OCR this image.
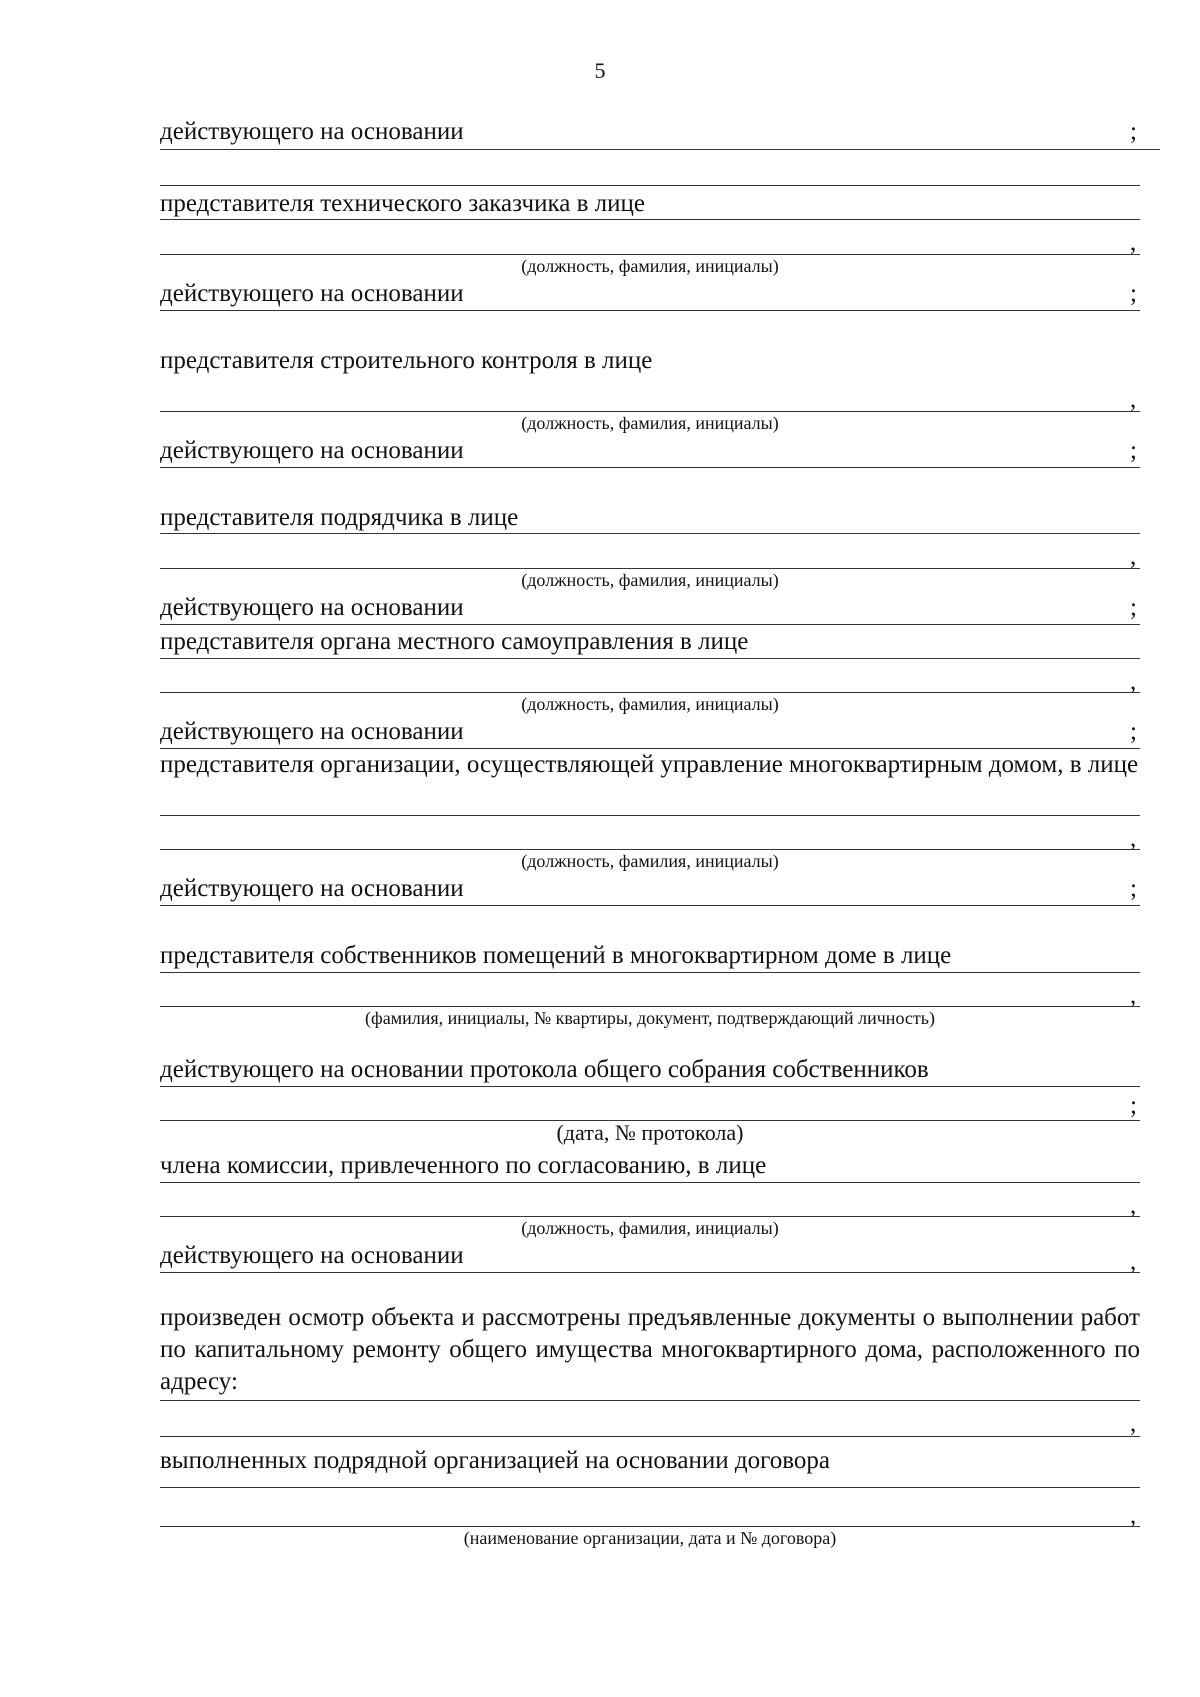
5
действующего на основании	;
представителя технического заказчика в лице
,
(должность, фамилия, инициалы)
действующего на основании	;
представителя строительного контроля в лице
,
(должность, фамилия, инициалы)
действующего на основании	;
представителя подрядчика в лице
,
(должность, фамилия, инициалы)
действующего на основании	;
представителя органа местного самоуправления в лице
,
(должность, фамилия, инициалы)
действующего на основании	;
представителя организации, осуществляющей управление многоквартирным домом, в лице
,
(должность, фамилия, инициалы)
действующего на основании	;
представителя собственников помещений в многоквартирном доме в лице
,
(фамилия, инициалы, № квартиры, документ, подтверждающий личность)
действующего на основании протокола общего собрания собственников
;
(дата, № протокола)
члена комиссии, привлеченного по согласованию, в лице
,
(должность, фамилия, инициалы)
действующего на основании	,
произведен осмотр объекта и рассмотрены предъявленные документы о выполнении работ по капитальному ремонту общего имущества многоквартирного дома, расположенного по адресу:
,
выполненных подрядной организацией на основании договора
,
(наименование организации, дата и № договора)
